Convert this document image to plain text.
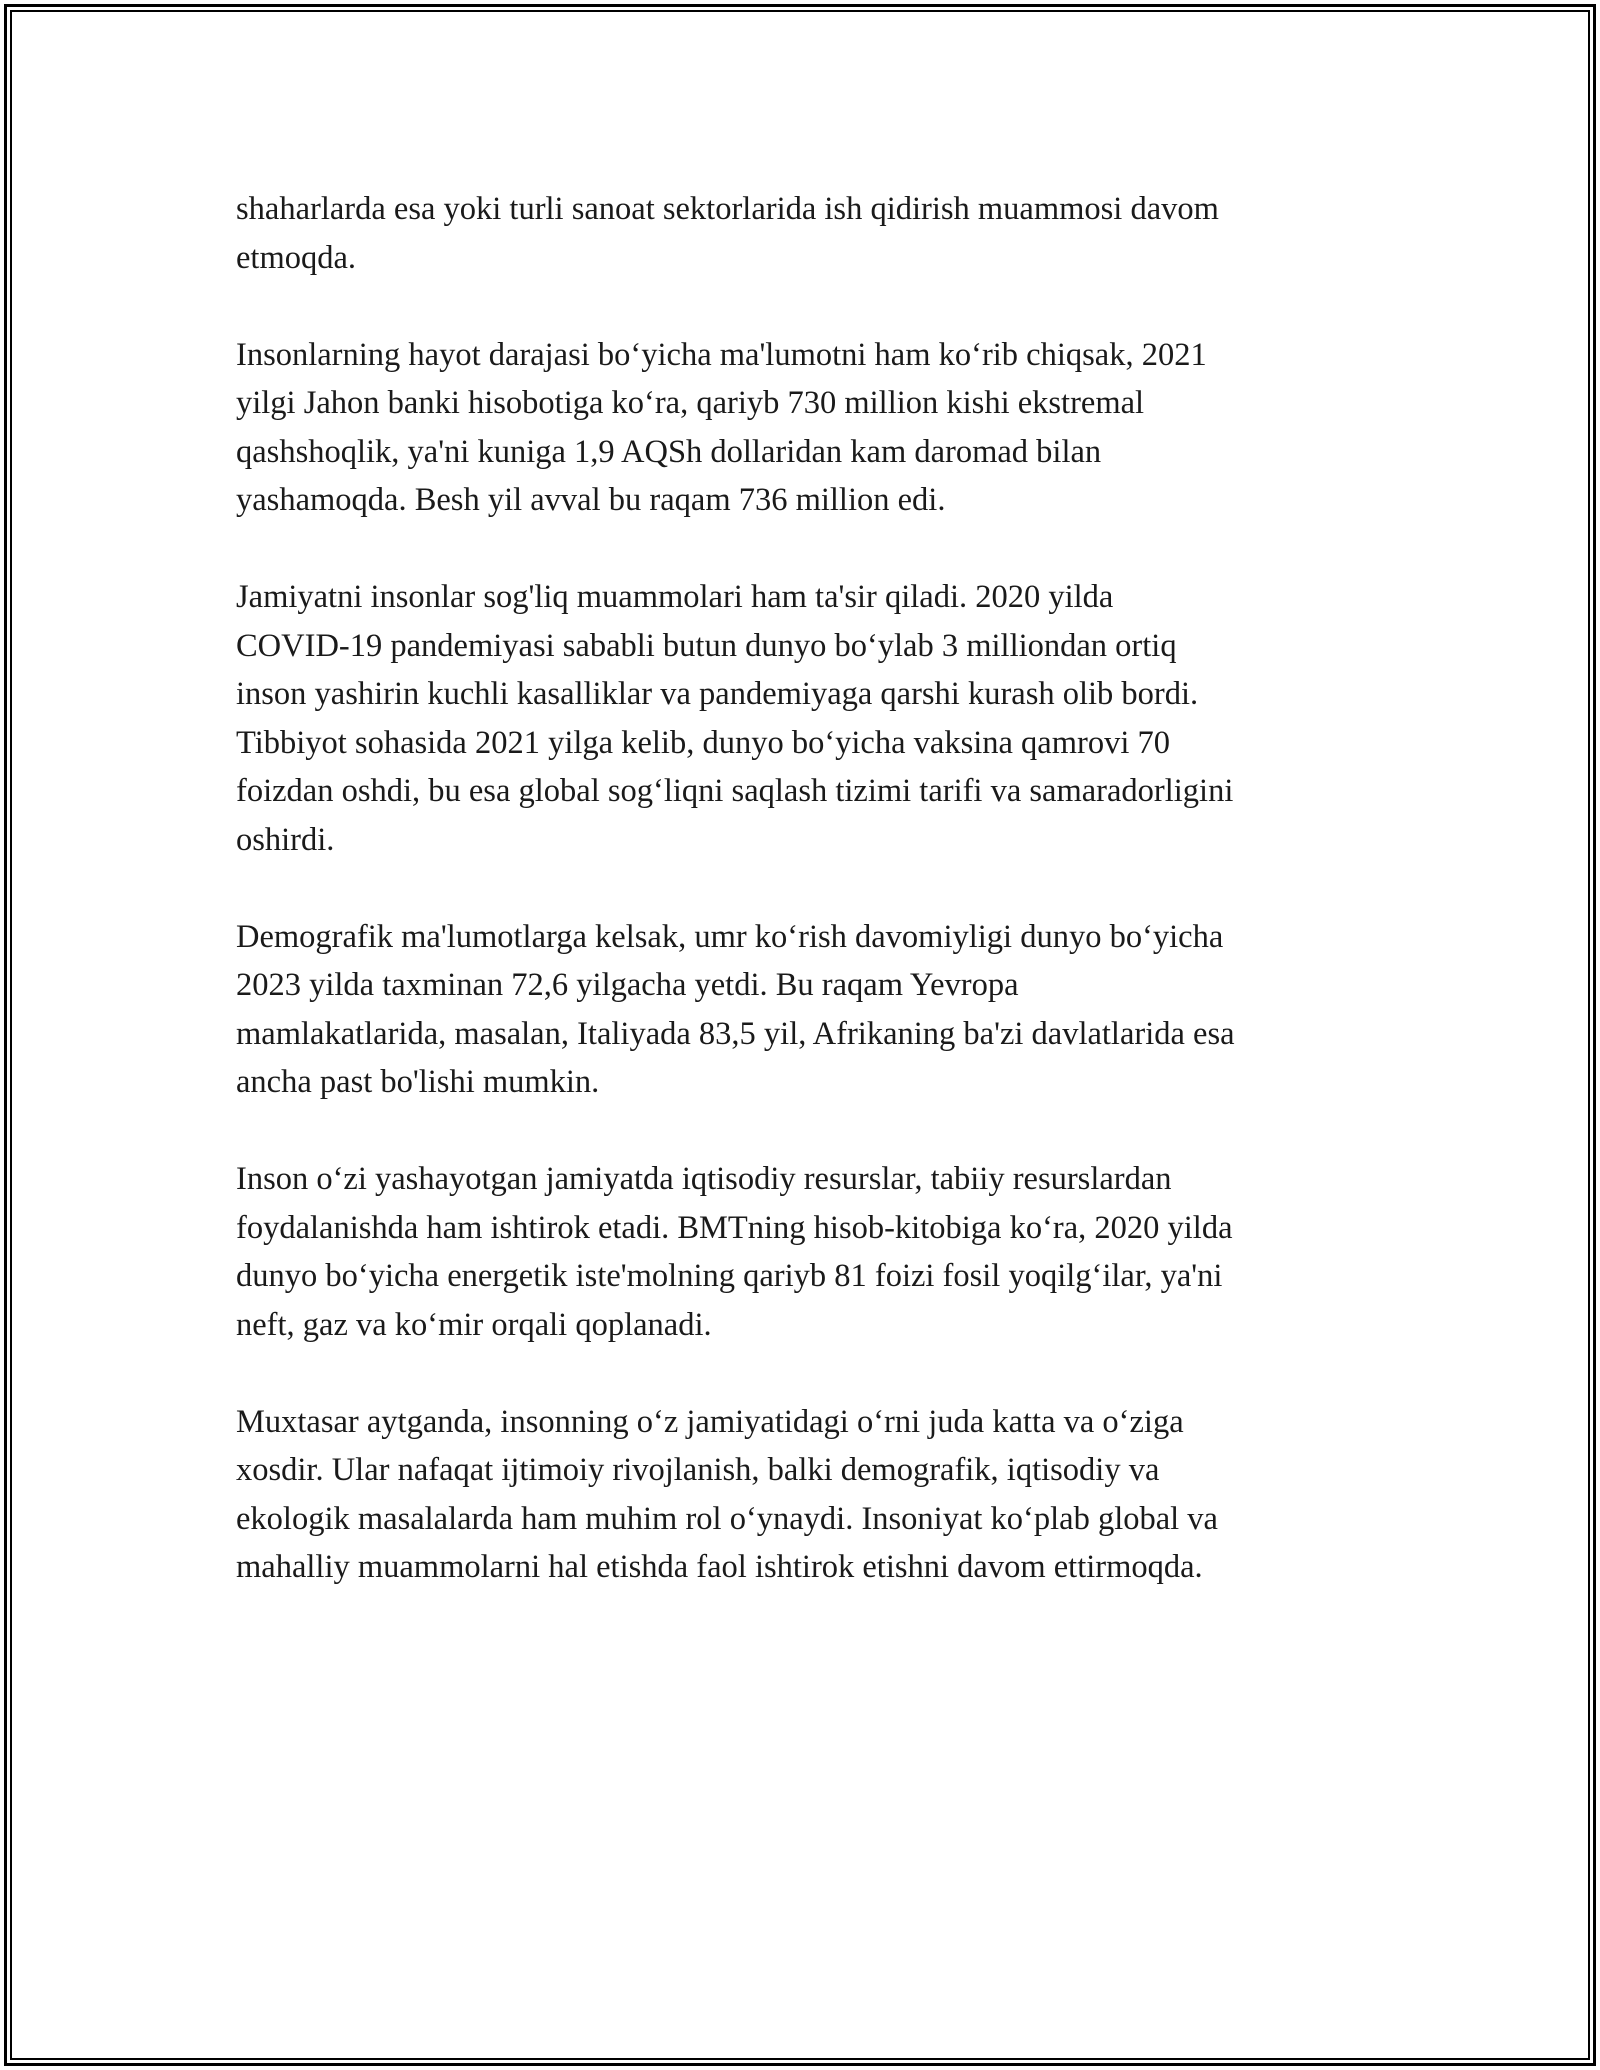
shaharlarda esa yoki turli sanoat sektorlarida ish qidirish muammosi davom
etmoqda.

Insonlarning hayot darajasi bo‘yicha ma'lumotni ham ko‘rib chiqsak, 2021
yilgi Jahon banki hisobotiga ko‘ra, qariyb 730 million kishi ekstremal
qashshoqlik, ya'ni kuniga 1,9 AQSh dollaridan kam daromad bilan
yashamoqda. Besh yil avval bu raqam 736 million edi.

Jamiyatni insonlar sog'liq muammolari ham ta'sir qiladi. 2020 yilda
COVID-19 pandemiyasi sababli butun dunyo bo‘ylab 3 milliondan ortiq
inson yashirin kuchli kasalliklar va pandemiyaga qarshi kurash olib bordi.
Tibbiyot sohasida 2021 yilga kelib, dunyo bo‘yicha vaksina qamrovi 70
foizdan oshdi, bu esa global sog‘liqni saqlash tizimi tarifi va samaradorligini
oshirdi.

Demografik ma'lumotlarga kelsak, umr ko‘rish davomiyligi dunyo bo‘yicha
2023 yilda taxminan 72,6 yilgacha yetdi. Bu raqam Yevropa
mamlakatlarida, masalan, Italiyada 83,5 yil, Afrikaning ba'zi davlatlarida esa
ancha past bo'lishi mumkin.

Inson o‘zi yashayotgan jamiyatda iqtisodiy resurslar, tabiiy resurslardan
foydalanishda ham ishtirok etadi. BMTning hisob-kitobiga ko‘ra, 2020 yilda
dunyo bo‘yicha energetik iste'molning qariyb 81 foizi fosil yoqilg‘ilar, ya'ni
neft, gaz va ko‘mir orqali qoplanadi.

Muxtasar aytganda, insonning o‘z jamiyatidagi o‘rni juda katta va o‘ziga
xosdir. Ular nafaqat ijtimoiy rivojlanish, balki demografik, iqtisodiy va
ekologik masalalarda ham muhim rol o‘ynaydi. Insoniyat ko‘plab global va
mahalliy muammolarni hal etishda faol ishtirok etishni davom ettirmoqda.
